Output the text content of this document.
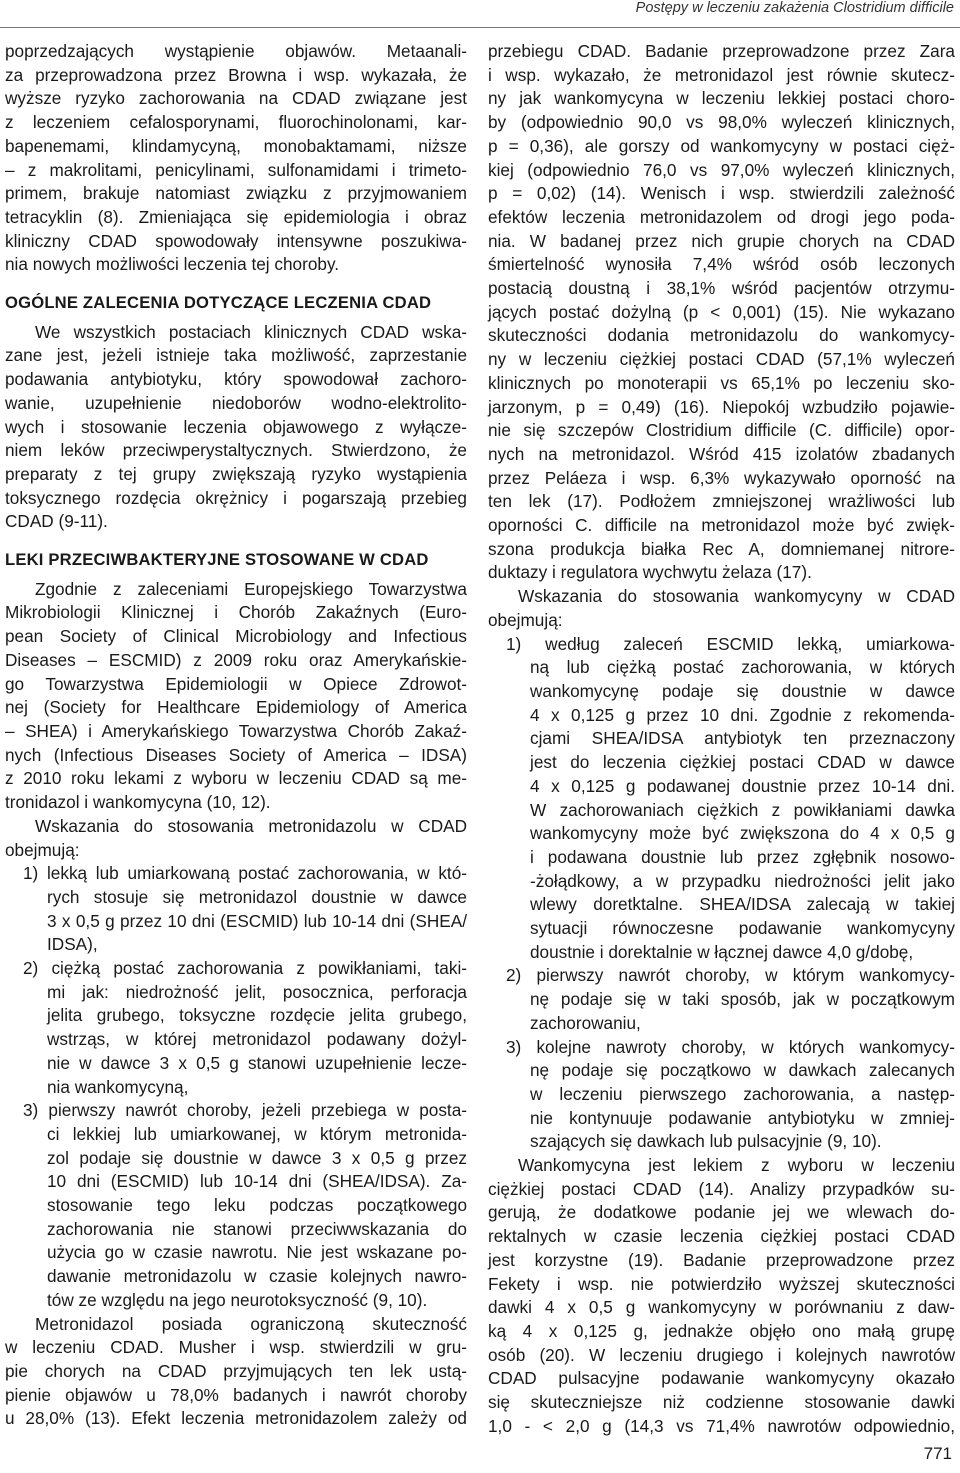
Postępy w leczeniu zakażenia Clostridium difficile
poprzedzających wystąpienie objawów. Metaanali-
za przeprowadzona przez Browna i wsp. wykazała, że
wyższe ryzyko zachorowania na CDAD związane jest
z leczeniem cefalosporynami, fluorochinolonami, kar-
bapenemami, klindamycyną, monobaktamami, niższe
– z makrolitami, penicylinami, sulfonamidami i trimeto-
primem, brakuje natomiast związku z przyjmowaniem
tetracyklin (8). Zmieniająca się epidemiologia i obraz
kliniczny CDAD spowodowały intensywne poszukiwa-
nia nowych możliwości leczenia tej choroby.
OGÓLNE ZALECENIA DOTYCZĄCE LECZENIA CDAD
We wszystkich postaciach klinicznych CDAD wska-
zane jest, jeżeli istnieje taka możliwość, zaprzestanie
podawania antybiotyku, który spowodował zachoro-
wanie, uzupełnienie niedoborów wodno-elektrolito-
wych i stosowanie leczenia objawowego z wyłącze-
niem leków przeciwperystaltycznych. Stwierdzono, że
preparaty z tej grupy zwiększają ryzyko wystąpienia
toksycznego rozdęcia okrężnicy i pogarszają przebieg
CDAD (9-11).
LEKI PRZECIWBAKTERYJNE STOSOWANE W CDAD
Zgodnie z zaleceniami Europejskiego Towarzystwa
Mikrobiologii Klinicznej i Chorób Zakaźnych (Euro-
pean Society of Clinical Microbiology and Infectious
Diseases – ESCMID) z 2009 roku oraz Amerykańskie-
go Towarzystwa Epidemiologii w Opiece Zdrowot-
nej (Society for Healthcare Epidemiology of America
– SHEA) i Amerykańskiego Towarzystwa Chorób Zakaź-
nych (Infectious Diseases Society of America – IDSA)
z 2010 roku lekami z wyboru w leczeniu CDAD są me-
tronidazol i wankomycyna (10, 12).
Wskazania do stosowania metronidazolu w CDAD
obejmują:
1) lekką lub umiarkowaną postać zachorowania, w któ-
rych stosuje się metronidazol doustnie w dawce
3 x 0,5 g przez 10 dni (ESCMID) lub 10-14 dni (SHEA/
IDSA),
2) ciężką postać zachorowania z powikłaniami, taki-
mi jak: niedrożność jelit, posocznica, perforacja
jelita grubego, toksyczne rozdęcie jelita grubego,
wstrząs, w której metronidazol podawany dożyl-
nie w dawce 3 x 0,5 g stanowi uzupełnienie lecze-
nia wankomycyną,
3) pierwszy nawrót choroby, jeżeli przebiega w posta-
ci lekkiej lub umiarkowanej, w którym metronida-
zol podaje się doustnie w dawce 3 x 0,5 g przez
10 dni (ESCMID) lub 10-14 dni (SHEA/IDSA). Za-
stosowanie tego leku podczas początkowego
zachorowania nie stanowi przeciwwskazania do
użycia go w czasie nawrotu. Nie jest wskazane po-
dawanie metronidazolu w czasie kolejnych nawro-
tów ze względu na jego neurotoksyczność (9, 10).
Metronidazol posiada ograniczoną skuteczność
w leczeniu CDAD. Musher i wsp. stwierdzili w gru-
pie chorych na CDAD przyjmujących ten lek ustą-
pienie objawów u 78,0% badanych i nawrót choroby
u 28,0% (13). Efekt leczenia metronidazolem zależy od
przebiegu CDAD. Badanie przeprowadzone przez Zara
i wsp. wykazało, że metronidazol jest równie skutecz-
ny jak wankomycyna w leczeniu lekkiej postaci choro-
by (odpowiednio 90,0 vs 98,0% wyleczeń klinicznych,
p = 0,36), ale gorszy od wankomycyny w postaci cięż-
kiej (odpowiednio 76,0 vs 97,0% wyleczeń klinicznych,
p = 0,02) (14). Wenisch i wsp. stwierdzili zależność
efektów leczenia metronidazolem od drogi jego poda-
nia. W badanej przez nich grupie chorych na CDAD
śmiertelność wynosiła 7,4% wśród osób leczonych
postacią doustną i 38,1% wśród pacjentów otrzymu-
jących postać dożylną (p < 0,001) (15). Nie wykazano
skuteczności dodania metronidazolu do wankomycy-
ny w leczeniu ciężkiej postaci CDAD (57,1% wyleczeń
klinicznych po monoterapii vs 65,1% po leczeniu sko-
jarzonym, p = 0,49) (16). Niepokój wzbudziło pojawie-
nie się szczepów Clostridium difficile (C. difficile) opor-
nych na metronidazol. Wśród 415 izolatów zbadanych
przez Peláeza i wsp. 6,3% wykazywało oporność na
ten lek (17). Podłożem zmniejszonej wrażliwości lub
oporności C. difficile na metronidazol może być zwięk-
szona produkcja białka Rec A, domniemanej nitrore-
duktazy i regulatora wychwytu żelaza (17).
Wskazania do stosowania wankomycyny w CDAD
obejmują:
1) według zaleceń ESCMID lekką, umiarkowa-
ną lub ciężką postać zachorowania, w których
wankomycynę podaje się doustnie w dawce
4 x 0,125 g przez 10 dni. Zgodnie z rekomenda-
cjami SHEA/IDSA antybiotyk ten przeznaczony
jest do leczenia ciężkiej postaci CDAD w dawce
4 x 0,125 g podawanej doustnie przez 10-14 dni.
W zachorowaniach ciężkich z powikłaniami dawka
wankomycyny może być zwiększona do 4 x 0,5 g
i podawana doustnie lub przez zgłębnik nosowo-
-żołądkowy, a w przypadku niedrożności jelit jako
wlewy doretktalne. SHEA/IDSA zalecają w takiej
sytuacji równoczesne podawanie wankomycyny
doustnie i dorektalnie w łącznej dawce 4,0 g/dobę,
2) pierwszy nawrót choroby, w którym wankomycy-
nę podaje się w taki sposób, jak w początkowym
zachorowaniu,
3) kolejne nawroty choroby, w których wankomycy-
nę podaje się początkowo w dawkach zalecanych
w leczeniu pierwszego zachorowania, a następ-
nie kontynuuje podawanie antybiotyku w zmniej-
szających się dawkach lub pulsacyjnie (9, 10).
Wankomycyna jest lekiem z wyboru w leczeniu
ciężkiej postaci CDAD (14). Analizy przypadków su-
gerują, że dodatkowe podanie jej we wlewach do-
rektalnych w czasie leczenia ciężkiej postaci CDAD
jest korzystne (19). Badanie przeprowadzone przez
Fekety i wsp. nie potwierdziło wyższej skuteczności
dawki 4 x 0,5 g wankomycyny w porównaniu z daw-
ką 4 x 0,125 g, jednakże objęło ono małą grupę
osób (20). W leczeniu drugiego i kolejnych nawrotów
CDAD pulsacyjne podawanie wankomycyny okazało
się skuteczniejsze niż codzienne stosowanie dawki
1,0 - < 2,0 g (14,3 vs 71,4% nawrotów odpowiednio,
771
